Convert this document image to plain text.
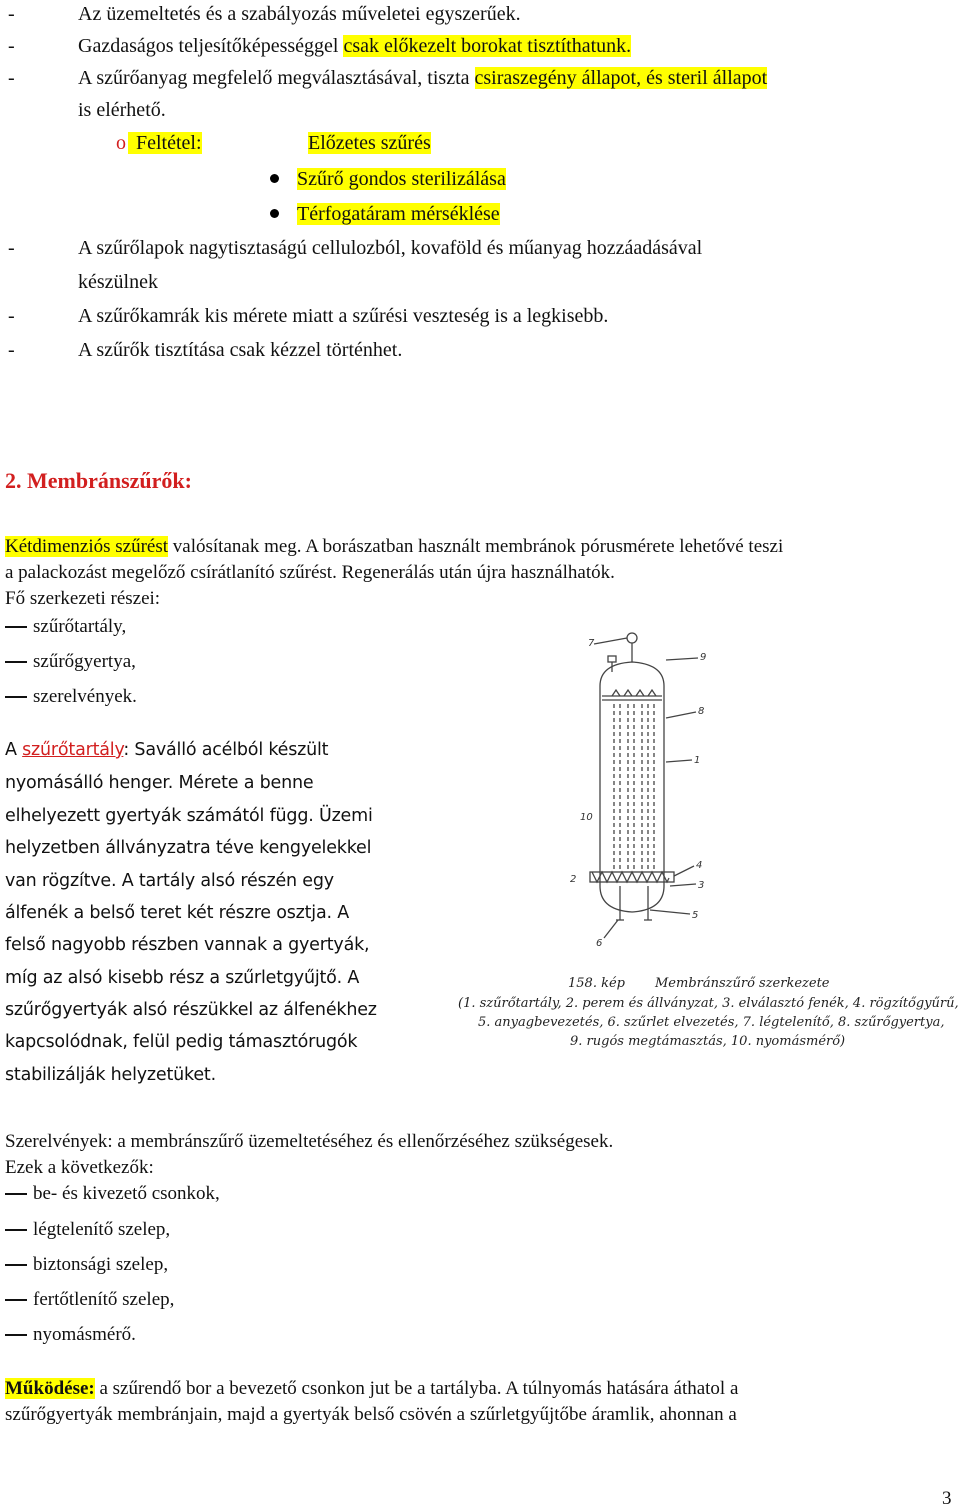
-	Az üzemeltetés és a szabályozás műveletei egyszerűek.
-	Gazdaságos teljesítőképességgel csak előkezelt borokat tisztíthatunk.
-	A szűrőanyag megfelelő megválasztásával, tiszta csiraszegény állapot, és steril állapot
is elérhető.
o Feltétel:	Előzetes szűrés
Szűrő gondos sterilizálása
Térfogatáram mérséklése
-	A szűrőlapok nagytisztaságú cellulozból, kovaföld és műanyag hozzáadásával
készülnek
-	A szűrőkamrák kis mérete miatt a szűrési veszteség is a legkisebb.
-	A szűrők tisztítása csak kézzel történhet.
2. Membránszűrők:
Kétdimenziós szűrést valósítanak meg. A borászatban használt membránok pórusmérete lehetővé teszi
a palackozást megelőző csírátlanító szűrést. Regenerálás után újra használhatók.
Fő szerkezeti részei:
szűrőtartály,
szűrőgyertya,
szerelvények.
A szűrőtartály: Saválló acélból készült
nyomásálló henger. Mérete a benne
elhelyezett gyertyák számától függ. Üzemi
helyzetben állványzatra téve kengyelekkel
van rögzítve. A tartály alsó részén egy
álfenék a belső teret két részre osztja. A
felső nagyobb részben vannak a gyertyák,
míg az alsó kisebb rész a szűrletgyűjtő. A
szűrőgyertyák alsó részükkel az álfenékhez
kapcsolódnak, felül pedig támasztórugók
stabilizálják helyzetüket.
7
9
8
1
10
4
3
2
5
6
158. kép Membránszűrő szerkezete
(1. szűrőtartály, 2. perem és állványzat, 3. elválasztó fenék, 4. rögzítőgyűrű,
5. anyagbevezetés, 6. szűrlet elvezetés, 7. légtelenítő, 8. szűrőgyertya,
9. rugós megtámasztás, 10. nyomásmérő)
Szerelvények: a membránszűrő üzemeltetéséhez és ellenőrzéséhez szükségesek.
Ezek a következők:
be- és kivezető csonkok,
légtelenítő szelep,
biztonsági szelep,
fertőtlenítő szelep,
nyomásmérő.
Működése: a szűrendő bor a bevezető csonkon jut be a tartályba. A túlnyomás hatására áthatol a
szűrőgyertyák membránjain, majd a gyertyák belső csövén a szűrletgyűjtőbe áramlik, ahonnan a
3
